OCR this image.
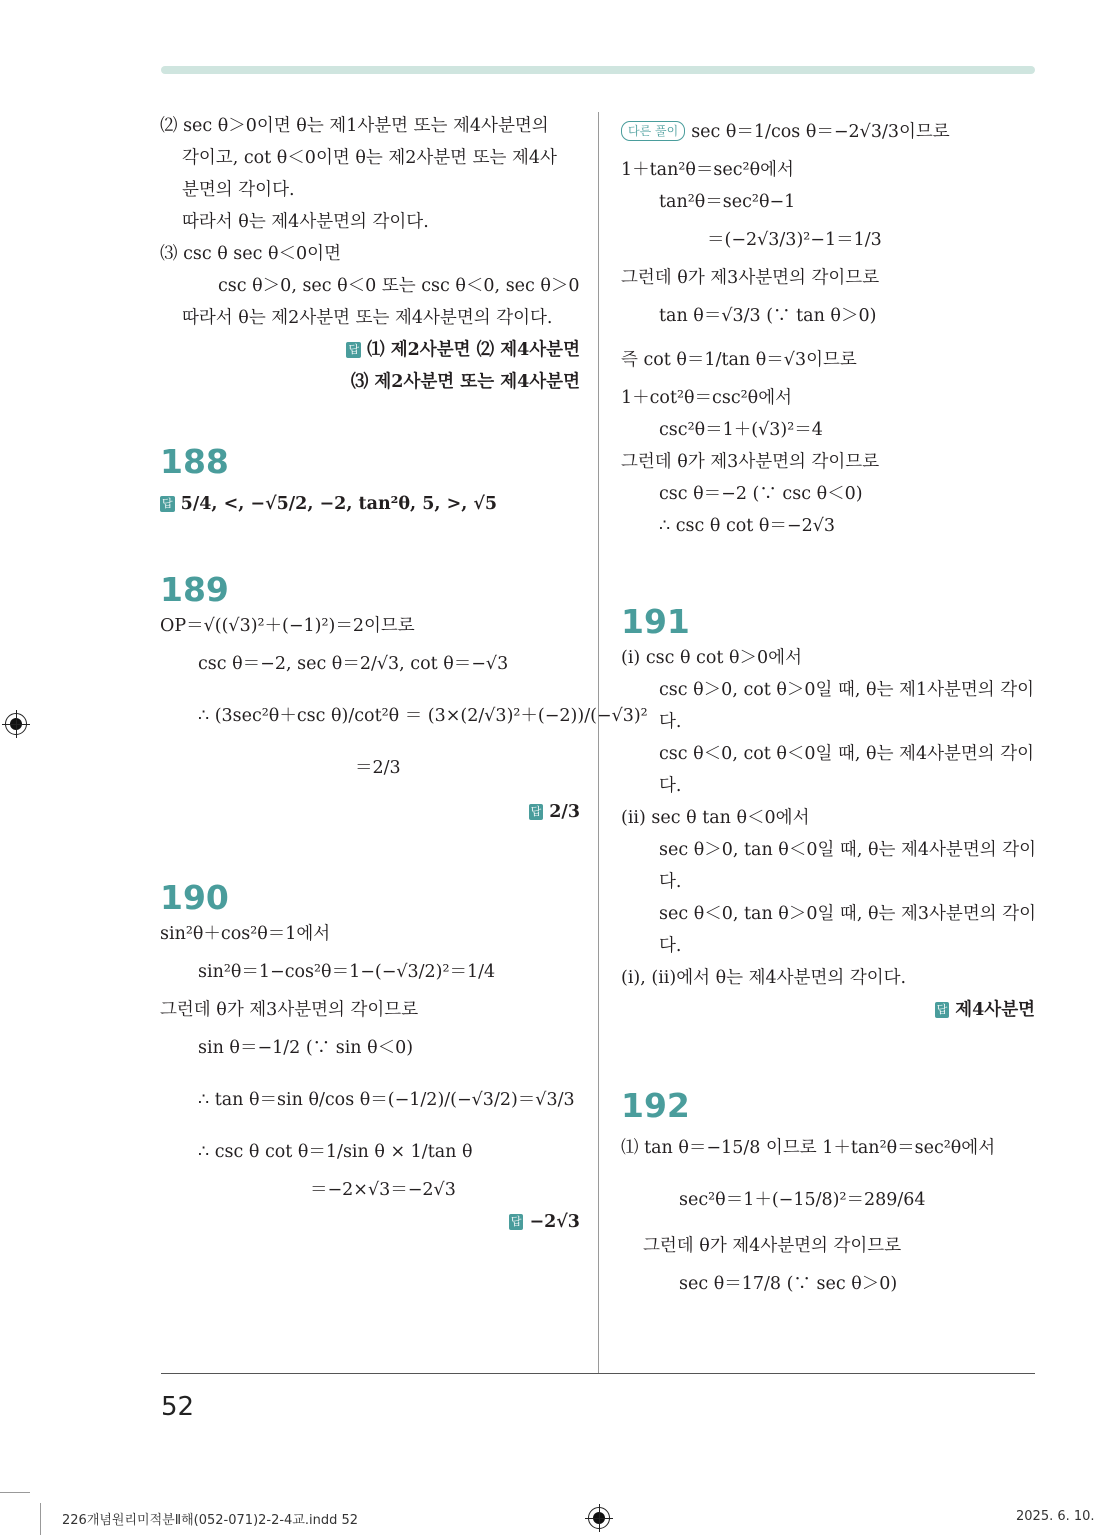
⑵ sec θ＞0이면 θ는 제1사분면 또는 제4사분면의
각이고, cot θ＜0이면 θ는 제2사분면 또는 제4사
분면의 각이다.
따라서 θ는 제4사분면의 각이다.
⑶ csc θ sec θ＜0이면
csc θ＞0, sec θ＜0 또는 csc θ＜0, sec θ＞0
따라서 θ는 제2사분면 또는 제4사분면의 각이다.
답 ⑴ 제2사분면 ⑵ 제4사분면
⑶ 제2사분면 또는 제4사분면
188
답 5/4, <, −√5/2, −2, tan²θ, 5, >, √5
189
OP＝√((√3)²＋(−1)²)＝2이므로
csc θ＝−2, sec θ＝2/√3, cot θ＝−√3
∴ (3sec²θ＋csc θ)/cot²θ ＝ (3×(2/√3)²＋(−2))/(−√3)²
＝2/3
답 2/3
190
sin²θ＋cos²θ＝1에서
sin²θ＝1−cos²θ＝1−(−√3/2)²＝1/4
그런데 θ가 제3사분면의 각이므로
sin θ＝−1/2 (∵ sin θ＜0)
∴ tan θ＝sin θ/cos θ＝(−1/2)/(−√3/2)＝√3/3
∴ csc θ cot θ＝1/sin θ × 1/tan θ
＝−2×√3＝−2√3
답 −2√3
다른 풀이 sec θ＝1/cos θ＝−2√3/3이므로
1＋tan²θ＝sec²θ에서
tan²θ＝sec²θ−1
＝(−2√3/3)²−1＝1/3
그런데 θ가 제3사분면의 각이므로
tan θ＝√3/3 (∵ tan θ＞0)
즉 cot θ＝1/tan θ＝√3이므로
1＋cot²θ＝csc²θ에서
csc²θ＝1＋(√3)²＝4
그런데 θ가 제3사분면의 각이므로
csc θ＝−2 (∵ csc θ＜0)
∴ csc θ cot θ＝−2√3
191
(i) csc θ cot θ＞0에서
csc θ＞0, cot θ＞0일 때, θ는 제1사분면의 각이
다.
csc θ＜0, cot θ＜0일 때, θ는 제4사분면의 각이
다.
(ii) sec θ tan θ＜0에서
sec θ＞0, tan θ＜0일 때, θ는 제4사분면의 각이
다.
sec θ＜0, tan θ＞0일 때, θ는 제3사분면의 각이
다.
(i), (ii)에서 θ는 제4사분면의 각이다.
답 제4사분면
192
⑴ tan θ＝−15/8 이므로 1＋tan²θ＝sec²θ에서
sec²θ＝1＋(−15/8)²＝289/64
그런데 θ가 제4사분면의 각이므로
sec θ＝17/8 (∵ sec θ＞0)
52
226개념원리미적분Ⅱ해(052-071)2-2-4교.indd 52	2025. 6. 10.
